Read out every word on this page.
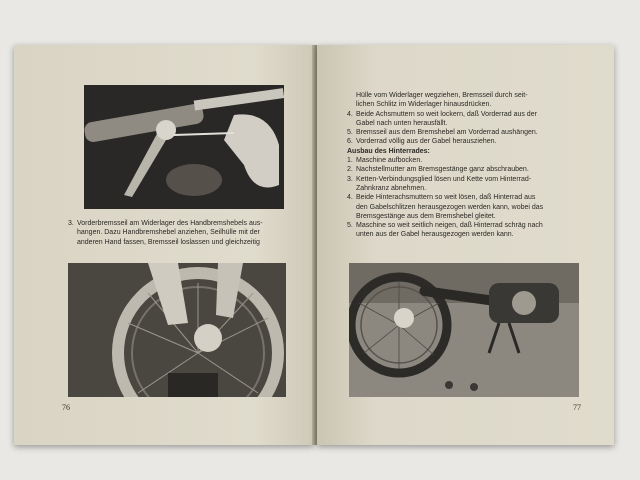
3. Vorderbremsseil am Widerlager des Handbremshebels aus-

hangen. Dazu Handbremshebel anziehen, Seilhülle mit der

anderen Hand fassen, Bremsseil loslassen und gleichzeitig

76

Hülle vom Widerlager wegziehen, Bremsseil durch seit-

lichen Schlitz im Widerlager hinausdrücken.

4. Beide Achsmuttern so weit lockern, daß Vorderrad aus der

Gabel nach unten herausfällt.

5. Bremsseil aus dem Bremshebel am Vorderrad aushängen.

6. Vorderrad völlig aus der Gabel herausziehen.

Ausbau des Hinterrades:

1. Maschine aufbocken.

2. Nachstellmutter am Bremsgestänge ganz abschrauben.

3. Ketten-Verbindungsglied lösen und Kette vom Hinterrad-

Zahnkranz abnehmen.

4. Beide Hinterachsmuttern so weit lösen, daß Hinterrad aus

den Gabelschlitzen herausgezogen werden kann, wobei das

Bremsgestänge aus dem Bremshebel gleitet.

5. Maschine so weit seitlich neigen, daß Hinterrad schräg nach

unten aus der Gabel herausgezogen werden kann.

77
